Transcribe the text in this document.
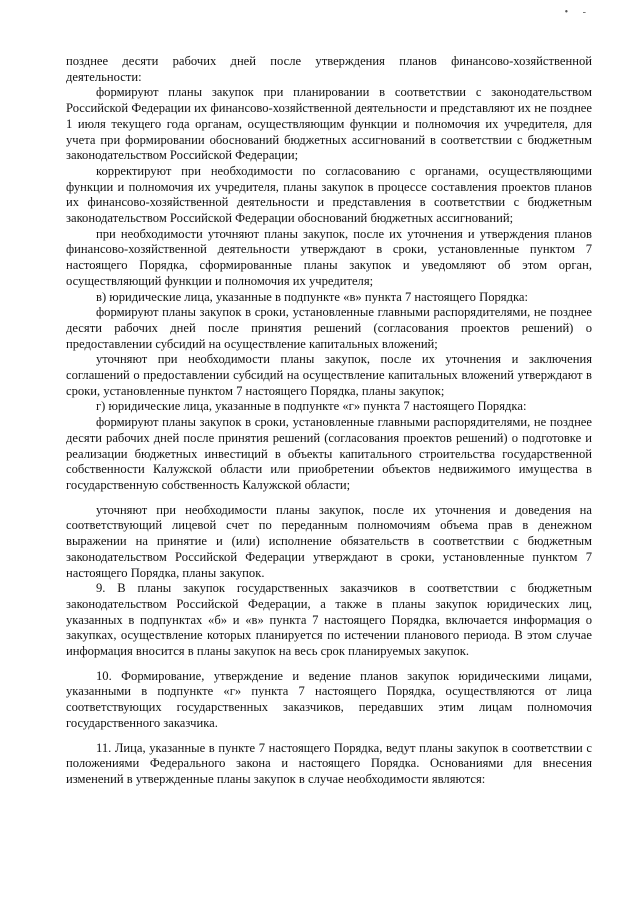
• -

позднее десяти рабочих дней после утверждения планов финансово-хозяйственной деятельности:

формируют планы закупок при планировании в соответствии с законодательством Российской Федерации их финансово-хозяйственной деятельности и представляют их не позднее 1 июля текущего года органам, осуществляющим функции и полномочия их учредителя, для учета при формировании обоснований бюджетных ассигнований в соответствии с бюджетным законодательством Российской Федерации;

корректируют при необходимости по согласованию с органами, осуществляющими функции и полномочия их учредителя, планы закупок в процессе составления проектов планов их финансово-хозяйственной деятельности и представления в соответствии с бюджетным законодательством Российской Федерации обоснований бюджетных ассигнований;

при необходимости уточняют планы закупок, после их уточнения и утверждения планов финансово-хозяйственной деятельности утверждают в сроки, установленные пунктом 7 настоящего Порядка, сформированные планы закупок и уведомляют об этом орган, осуществляющий функции и полномочия их учредителя;

в) юридические лица, указанные в подпункте «в» пункта 7 настоящего Порядка:

формируют планы закупок в сроки, установленные главными распорядителями, не позднее десяти рабочих дней после принятия решений (согласования проектов решений) о предоставлении субсидий на осуществление капитальных вложений;

уточняют при необходимости планы закупок, после их уточнения и заключения соглашений о предоставлении субсидий на осуществление капитальных вложений утверждают в сроки, установленные пунктом 7 настоящего Порядка, планы закупок;

г) юридические лица, указанные в подпункте «г» пункта 7 настоящего Порядка:

формируют планы закупок в сроки, установленные главными распорядителями, не позднее десяти рабочих дней после принятия решений (согласования проектов решений) о подготовке и реализации бюджетных инвестиций в объекты капитального строительства государственной собственности Калужской области или приобретении объектов недвижимого имущества в государственную собственность Калужской области;

уточняют при необходимости планы закупок, после их уточнения и доведения на соответствующий лицевой счет по переданным полномочиям объема прав в денежном выражении на принятие и (или) исполнение обязательств в соответствии с бюджетным законодательством Российской Федерации утверждают в сроки, установленные пунктом 7 настоящего Порядка, планы закупок.

9. В планы закупок государственных заказчиков в соответствии с бюджетным законодательством Российской Федерации, а также в планы закупок юридических лиц, указанных в подпунктах «б» и «в» пункта 7 настоящего Порядка, включается информация о закупках, осуществление которых планируется по истечении планового периода. В этом случае информация вносится в планы закупок на весь срок планируемых закупок.

10. Формирование, утверждение и ведение планов закупок юридическими лицами, указанными в подпункте «г» пункта 7 настоящего Порядка, осуществляются от лица соответствующих государственных заказчиков, передавших этим лицам полномочия государственного заказчика.

11. Лица, указанные в пункте 7 настоящего Порядка, ведут планы закупок в соответствии с положениями Федерального закона и настоящего Порядка. Основаниями для внесения изменений в утвержденные планы закупок в случае необходимости являются:
